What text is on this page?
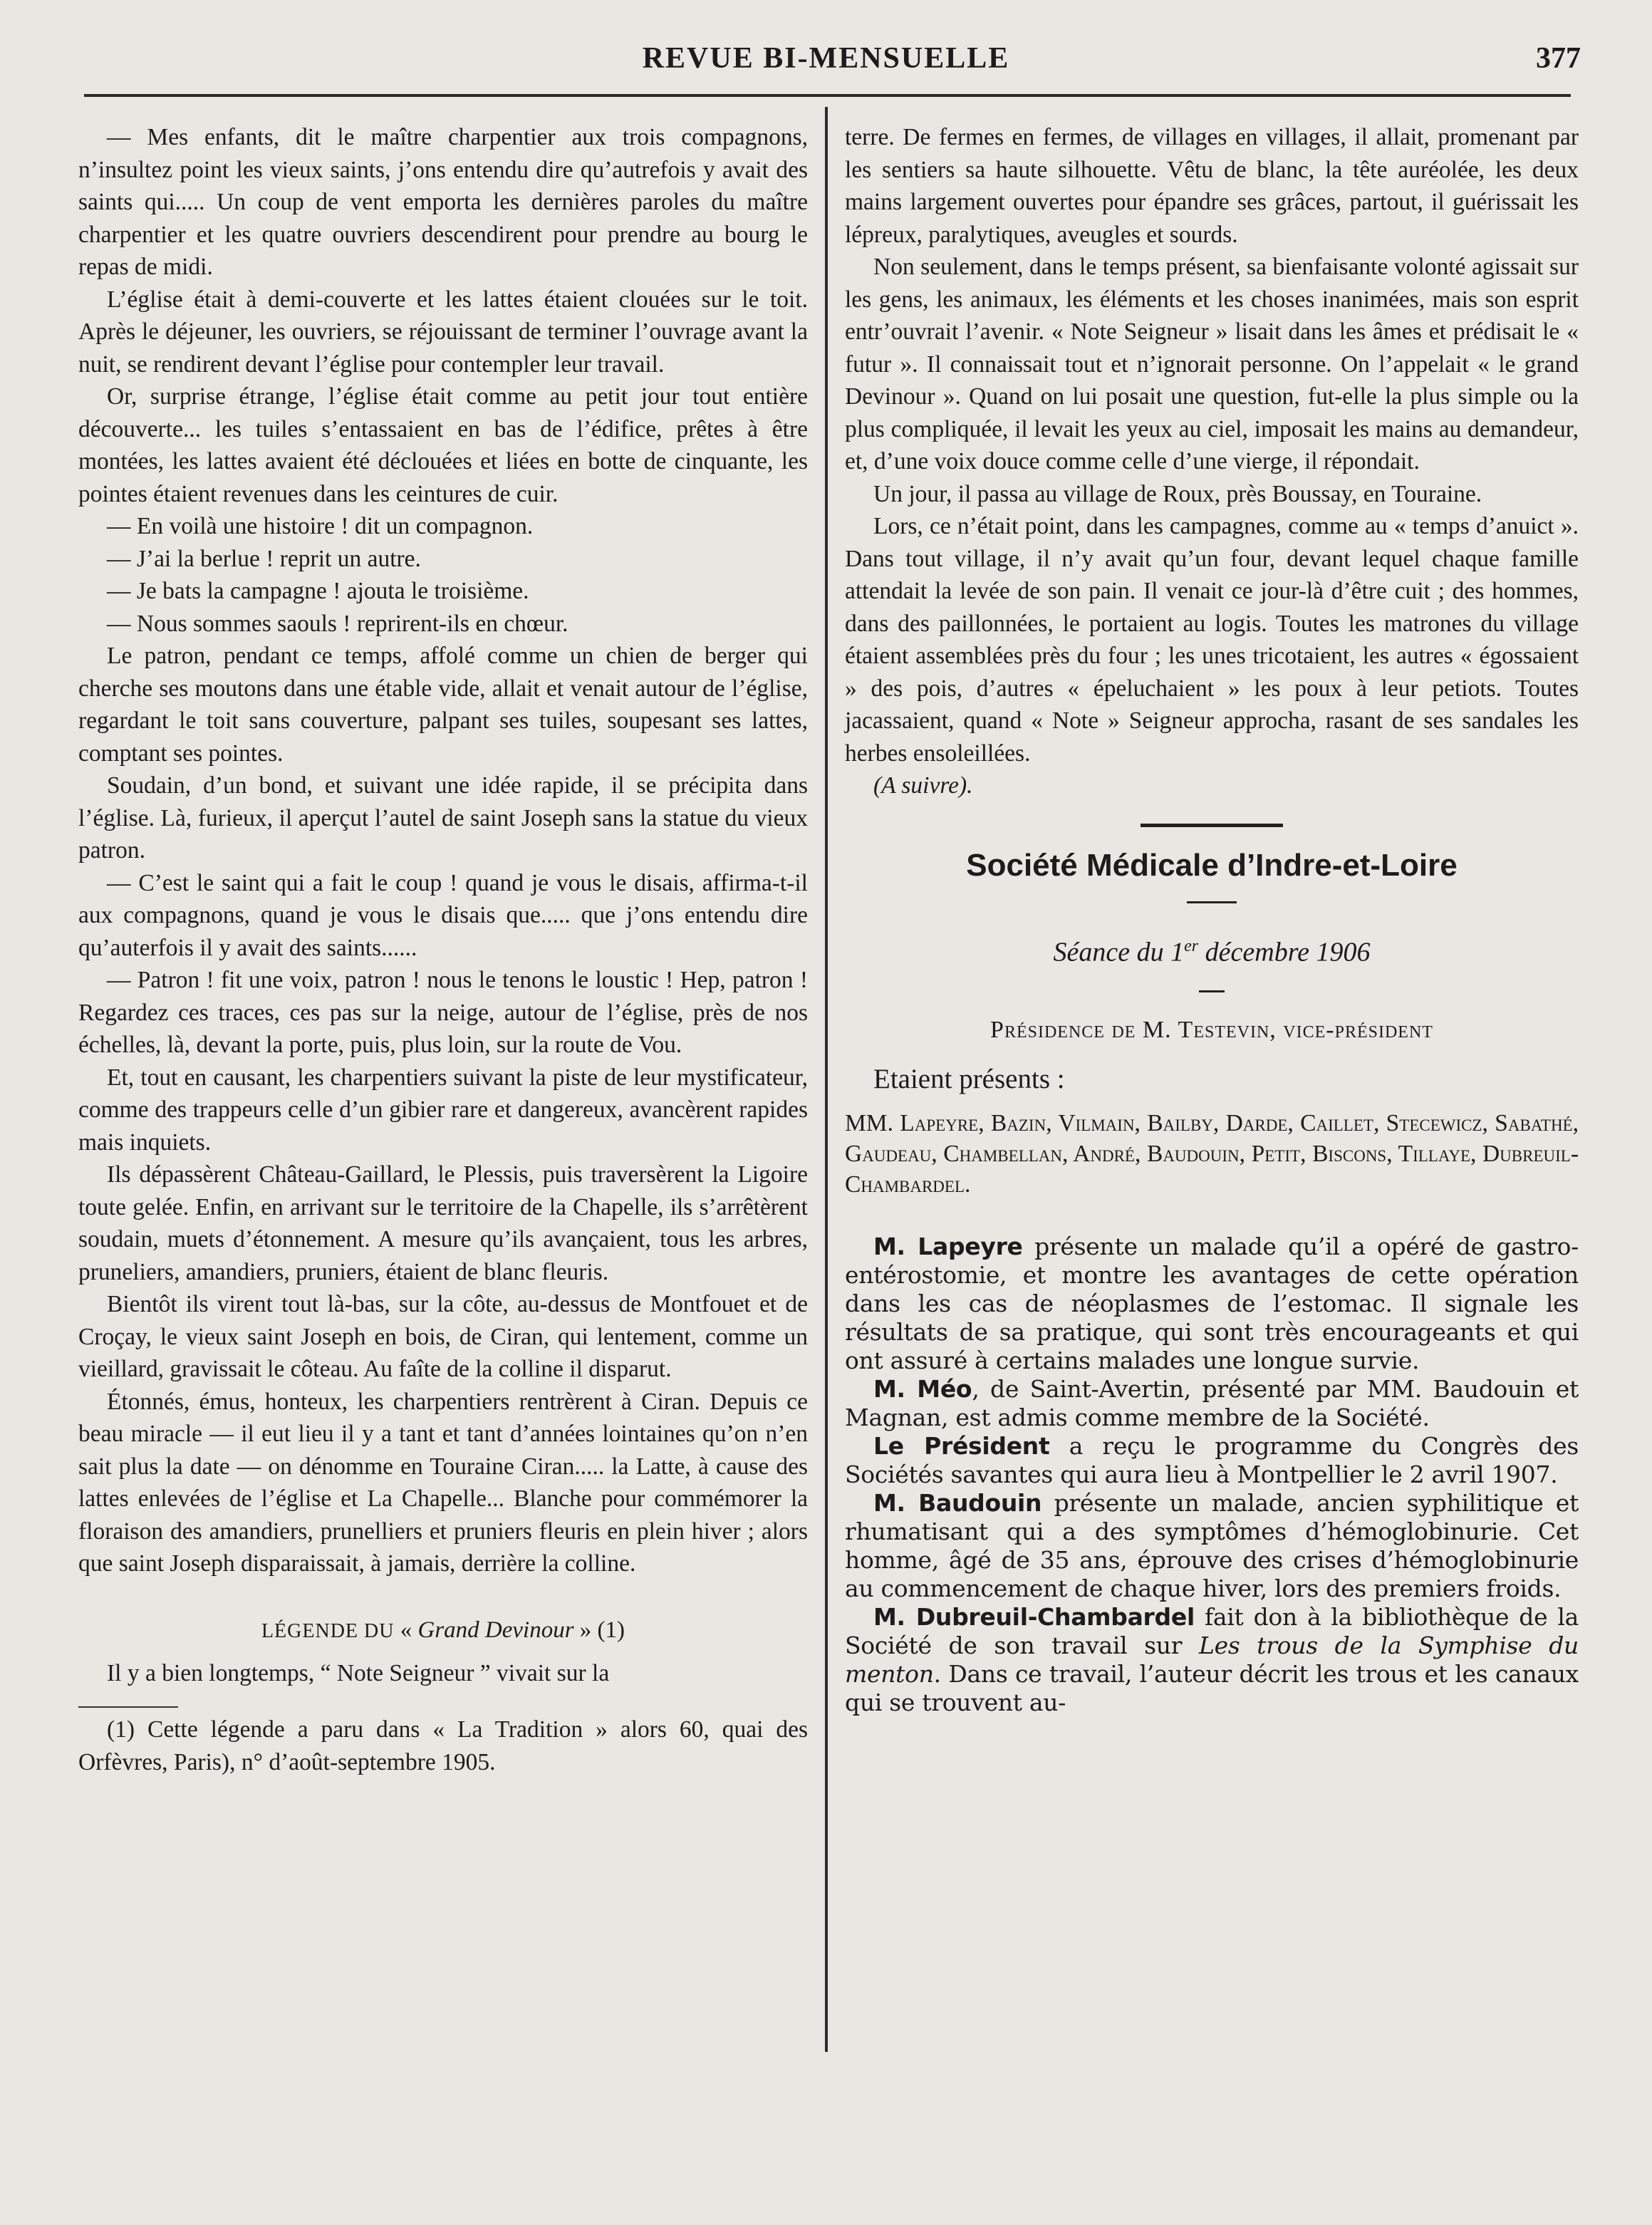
REVUE BI-MENSUELLE	377

— Mes enfants, dit le maître charpentier aux trois compagnons, n’insultez point les vieux saints, j’ons entendu dire qu’autrefois y avait des saints qui..... Un coup de vent emporta les dernières paroles du maître charpentier et les quatre ouvriers descendirent pour prendre au bourg le repas de midi.

L’église était à demi-couverte et les lattes étaient clouées sur le toit. Après le déjeuner, les ouvriers, se réjouissant de terminer l’ouvrage avant la nuit, se rendirent devant l’église pour contempler leur travail.

Or, surprise étrange, l’église était comme au petit jour tout entière découverte... les tuiles s’entassaient en bas de l’édifice, prêtes à être montées, les lattes avaient été déclouées et liées en botte de cinquante, les pointes étaient revenues dans les ceintures de cuir.

— En voilà une histoire ! dit un compagnon.

— J’ai la berlue ! reprit un autre.

— Je bats la campagne ! ajouta le troisième.

— Nous sommes saouls ! reprirent-ils en chœur.

Le patron, pendant ce temps, affolé comme un chien de berger qui cherche ses moutons dans une étable vide, allait et venait autour de l’église, regardant le toit sans couverture, palpant ses tuiles, soupesant ses lattes, comptant ses pointes.

Soudain, d’un bond, et suivant une idée rapide, il se précipita dans l’église. Là, furieux, il aperçut l’autel de saint Joseph sans la statue du vieux patron.

— C’est le saint qui a fait le coup ! quand je vous le disais, affirma-t-il aux compagnons, quand je vous le disais que..... que j’ons entendu dire qu’auterfois il y avait des saints......

— Patron ! fit une voix, patron ! nous le tenons le loustic ! Hep, patron ! Regardez ces traces, ces pas sur la neige, autour de l’église, près de nos échelles, là, devant la porte, puis, plus loin, sur la route de Vou.

Et, tout en causant, les charpentiers suivant la piste de leur mystificateur, comme des trappeurs celle d’un gibier rare et dangereux, avancèrent rapides mais inquiets.

Ils dépassèrent Château-Gaillard, le Plessis, puis traversèrent la Ligoire toute gelée. Enfin, en arrivant sur le territoire de la Chapelle, ils s’arrêtèrent soudain, muets d’étonnement. A mesure qu’ils avançaient, tous les arbres, pruneliers, amandiers, pruniers, étaient de blanc fleuris.

Bientôt ils virent tout là-bas, sur la côte, au-dessus de Montfouet et de Croçay, le vieux saint Joseph en bois, de Ciran, qui lentement, comme un vieillard, gravissait le côteau. Au faîte de la colline il disparut.

Étonnés, émus, honteux, les charpentiers rentrèrent à Ciran. Depuis ce beau miracle — il eut lieu il y a tant et tant d’années lointaines qu’on n’en sait plus la date — on dénomme en Touraine Ciran..... la Latte, à cause des lattes enlevées de l’église et La Chapelle... Blanche pour commémorer la floraison des amandiers, prunelliers et pruniers fleuris en plein hiver ; alors que saint Joseph disparaissait, à jamais, derrière la colline.

LÉGENDE DU « Grand Devinour » (1)

Il y a bien longtemps, “ Note Seigneur ” vivait sur la

(1) Cette légende a paru dans « La Tradition » alors 60, quai des Orfèvres, Paris), n° d’août-septembre 1905.

terre. De fermes en fermes, de villages en villages, il allait, promenant par les sentiers sa haute silhouette. Vêtu de blanc, la tête auréolée, les deux mains largement ouvertes pour épandre ses grâces, partout, il guérissait les lépreux, paralytiques, aveugles et sourds.

Non seulement, dans le temps présent, sa bienfaisante volonté agissait sur les gens, les animaux, les éléments et les choses inanimées, mais son esprit entr’ouvrait l’avenir. « Note Seigneur » lisait dans les âmes et prédisait le « futur ». Il connaissait tout et n’ignorait personne. On l’appelait « le grand Devinour ». Quand on lui posait une question, fut-elle la plus simple ou la plus compliquée, il levait les yeux au ciel, imposait les mains au demandeur, et, d’une voix douce comme celle d’une vierge, il répondait.

Un jour, il passa au village de Roux, près Boussay, en Touraine.

Lors, ce n’était point, dans les campagnes, comme au « temps d’anuict ». Dans tout village, il n’y avait qu’un four, devant lequel chaque famille attendait la levée de son pain. Il venait ce jour-là d’être cuit ; des hommes, dans des paillonnées, le portaient au logis. Toutes les matrones du village étaient assemblées près du four ; les unes tricotaient, les autres « égossaient » des pois, d’autres « épeluchaient » les poux à leur petiots. Toutes jacassaient, quand « Note » Seigneur approcha, rasant de ses sandales les herbes ensoleillées.

(A suivre).

Société Médicale d’Indre-et-Loire
Séance du 1er décembre 1906
Présidence de M. Testevin, vice-président
Etaient présents :
MM. Lapeyre, Bazin, Vilmain, Bailby, Darde, Caillet, Stecewicz, Sabathé, Gaudeau, Chambellan, André, Baudouin, Petit, Biscons, Tillaye, Dubreuil-Chambardel.

M. Lapeyre présente un malade qu’il a opéré de gastro-entérostomie, et montre les avantages de cette opération dans les cas de néoplasmes de l’estomac. Il signale les résultats de sa pratique, qui sont très encourageants et qui ont assuré à certains malades une longue survie.

M. Méo, de Saint-Avertin, présenté par MM. Baudouin et Magnan, est admis comme membre de la Société.

Le Président a reçu le programme du Congrès des Sociétés savantes qui aura lieu à Montpellier le 2 avril 1907.

M. Baudouin présente un malade, ancien syphilitique et rhumatisant qui a des symptômes d’hémoglobinurie. Cet homme, âgé de 35 ans, éprouve des crises d’hémoglobinurie au commencement de chaque hiver, lors des premiers froids.

M. Dubreuil-Chambardel fait don à la bibliothèque de la Société de son travail sur Les trous de la Symphise du menton. Dans ce travail, l’auteur décrit les trous et les canaux qui se trouvent au-
